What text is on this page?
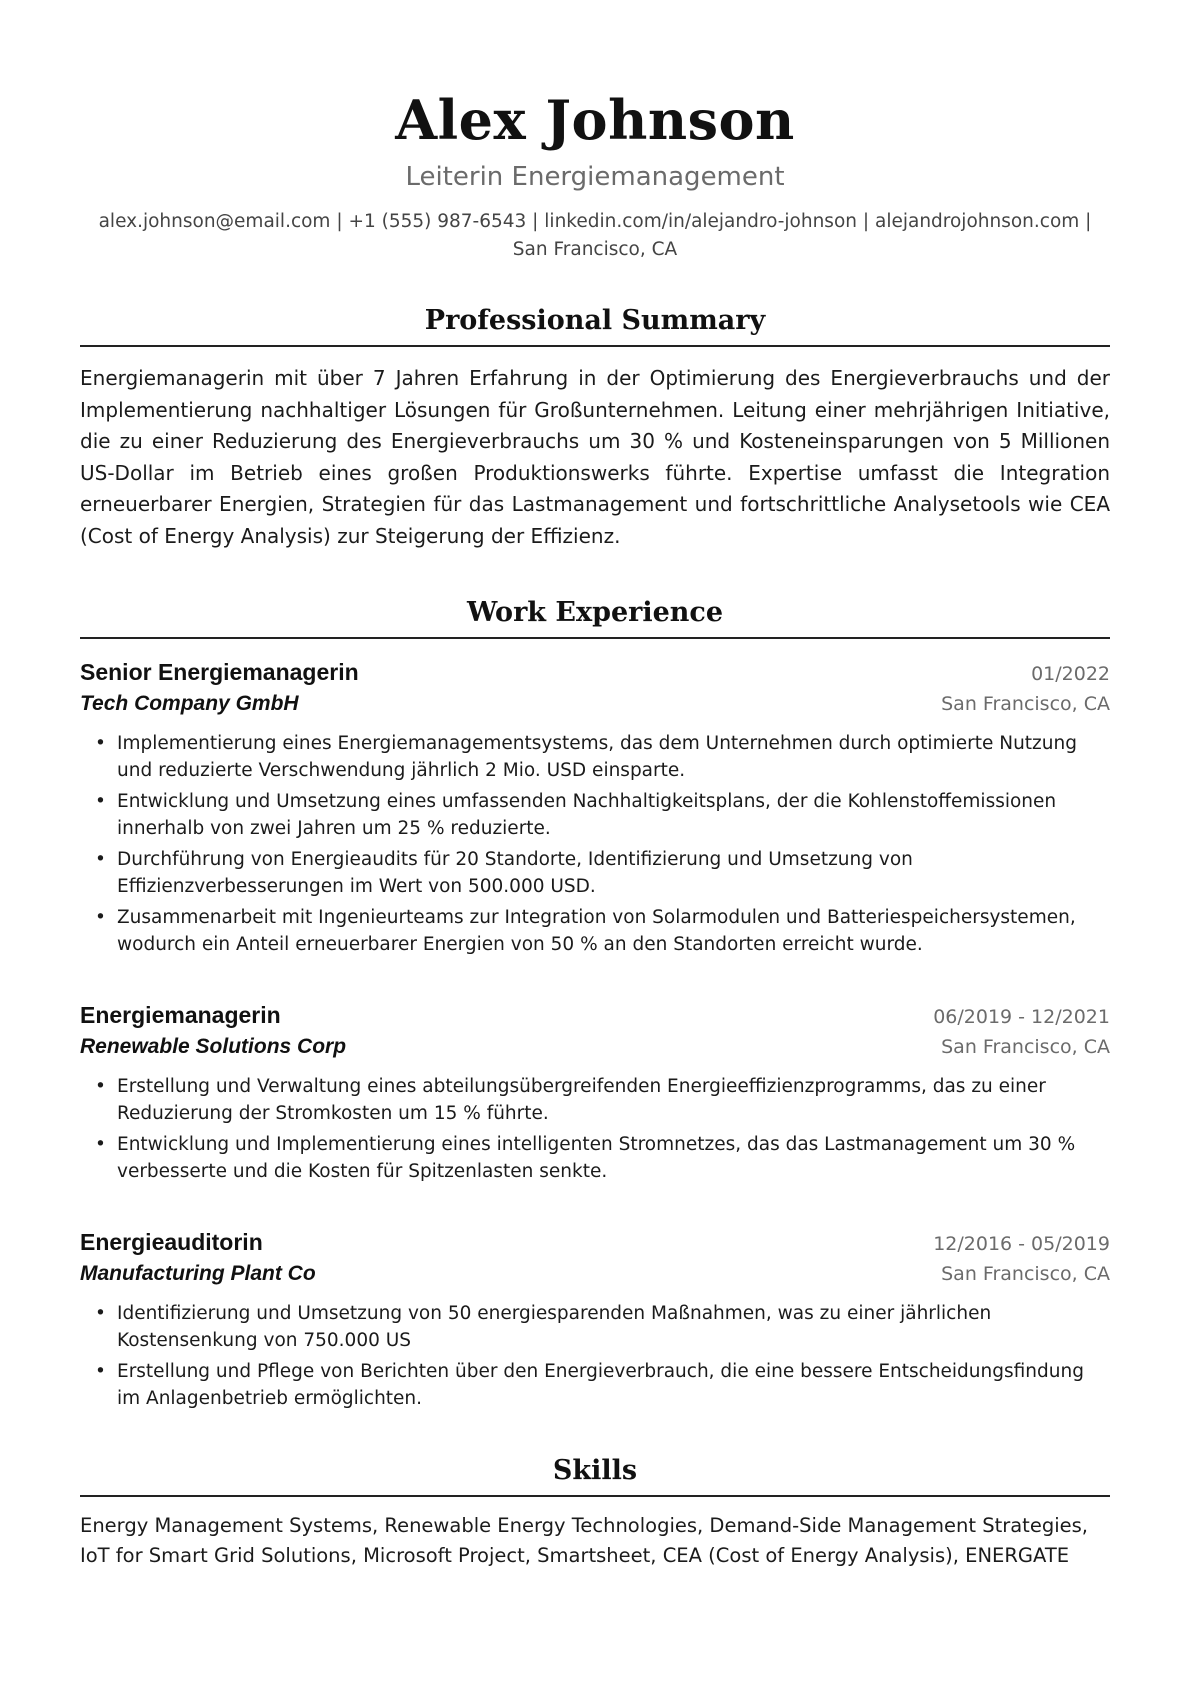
Alex Johnson
Leiterin Energiemanagement
alex.johnson@email.com | +1 (555) 987-6543 | linkedin.com/in/alejandro-johnson | alejandrojohnson.com | San Francisco, CA
Professional Summary

Energiemanagerin mit über 7 Jahren Erfahrung in der Optimierung des Energieverbrauchs und der Implementierung nachhaltiger Lösungen für Großunternehmen. Leitung einer mehrjährigen Initiative, die zu einer Reduzierung des Energieverbrauchs um 30 % und Kosteneinsparungen von 5 Millionen US-Dollar im Betrieb eines großen Produktionswerks führte. Expertise umfasst die Integration erneuerbarer Energien, Strategien für das Lastmanagement und fortschrittliche Analysetools wie CEA (Cost of Energy Analysis) zur Steigerung der Effizienz.

Work Experience
Senior Energiemanagerin	01/2022
Tech Company GmbH	San Francisco, CA
• Implementierung eines Energiemanagementsystems, das dem Unternehmen durch optimierte Nutzung und reduzierte Verschwendung jährlich 2 Mio. USD einsparte.
• Entwicklung und Umsetzung eines umfassenden Nachhaltigkeitsplans, der die Kohlenstoffemissionen innerhalb von zwei Jahren um 25 % reduzierte.
• Durchführung von Energieaudits für 20 Standorte, Identifizierung und Umsetzung von Effizienzverbesserungen im Wert von 500.000 USD.
• Zusammenarbeit mit Ingenieurteams zur Integration von Solarmodulen und Batteriespeichersystemen, wodurch ein Anteil erneuerbarer Energien von 50 % an den Standorten erreicht wurde.
Energiemanagerin	06/2019 - 12/2021
Renewable Solutions Corp	San Francisco, CA
• Erstellung und Verwaltung eines abteilungsübergreifenden Energieeffizienzprogramms, das zu einer Reduzierung der Stromkosten um 15 % führte.
• Entwicklung und Implementierung eines intelligenten Stromnetzes, das das Lastmanagement um 30 % verbesserte und die Kosten für Spitzenlasten senkte.
Energieauditorin	12/2016 - 05/2019
Manufacturing Plant Co	San Francisco, CA
• Identifizierung und Umsetzung von 50 energiesparenden Maßnahmen, was zu einer jährlichen Kostensenkung von 750.000 US
• Erstellung und Pflege von Berichten über den Energieverbrauch, die eine bessere Entscheidungsfindung im Anlagenbetrieb ermöglichten.
Skills

Energy Management Systems, Renewable Energy Technologies, Demand-Side Management Strategies, IoT for Smart Grid Solutions, Microsoft Project, Smartsheet, CEA (Cost of Energy Analysis), ENERGATE
